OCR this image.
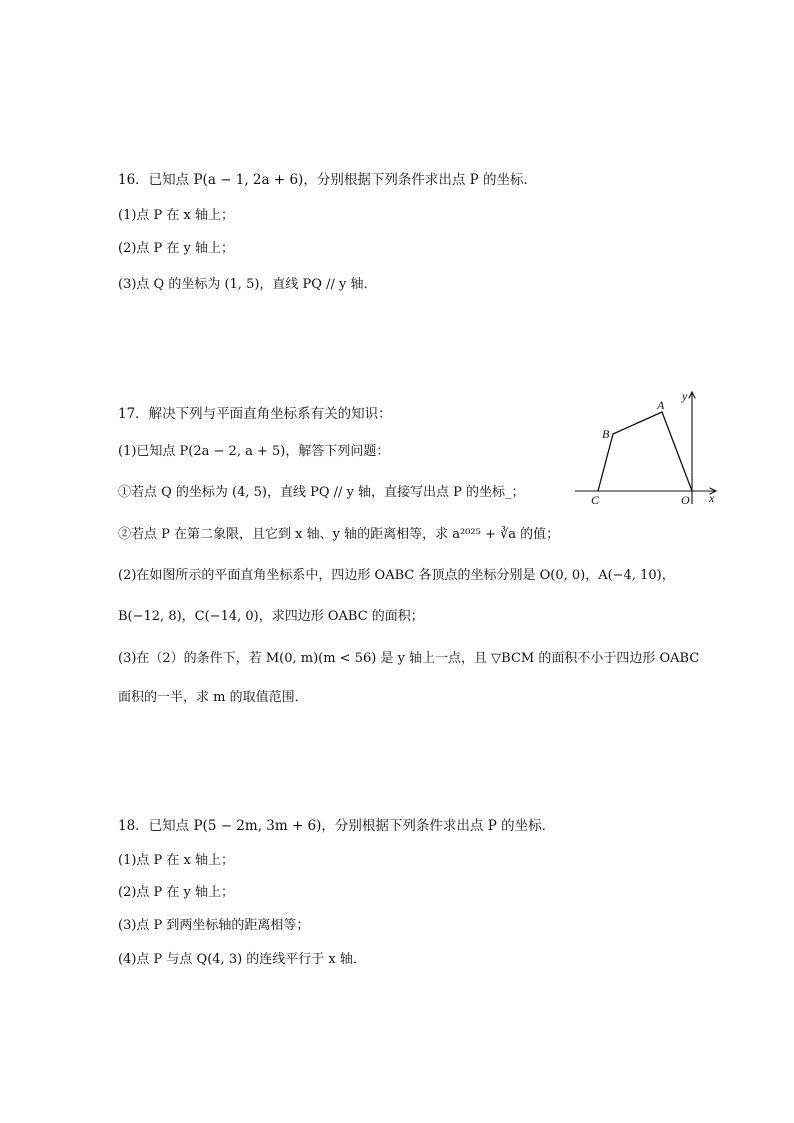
16．已知点 P(a − 1, 2a + 6)，分别根据下列条件求出点 P 的坐标．
(1)点 P 在 x 轴上；
(2)点 P 在 y 轴上；
(3)点 Q 的坐标为 (1, 5)，直线 PQ // y 轴．
17．解决下列与平面直角坐标系有关的知识：
(1)已知点 P(2a − 2, a + 5)，解答下列问题：
①若点 Q 的坐标为 (4, 5)，直线 PQ // y 轴，直接写出点 P 的坐标_；
②若点 P 在第二象限，且它到 x 轴、y 轴的距离相等，求 a²⁰²⁵ + ∛a 的值；
(2)在如图所示的平面直角坐标系中，四边形 OABC 各顶点的坐标分别是 O(0, 0)，A(−4, 10)，
B(−12, 8)，C(−14, 0)，求四边形 OABC 的面积；
(3)在（2）的条件下，若 M(0, m)(m < 56) 是 y 轴上一点，且 ▽BCM 的面积不小于四边形 OABC
面积的一半，求 m 的取值范围．
A
B
C	O x
y
18．已知点 P(5 − 2m, 3m + 6)，分别根据下列条件求出点 P 的坐标．
(1)点 P 在 x 轴上；
(2)点 P 在 y 轴上；
(3)点 P 到两坐标轴的距离相等；
(4)点 P 与点 Q(4, 3) 的连线平行于 x 轴．
